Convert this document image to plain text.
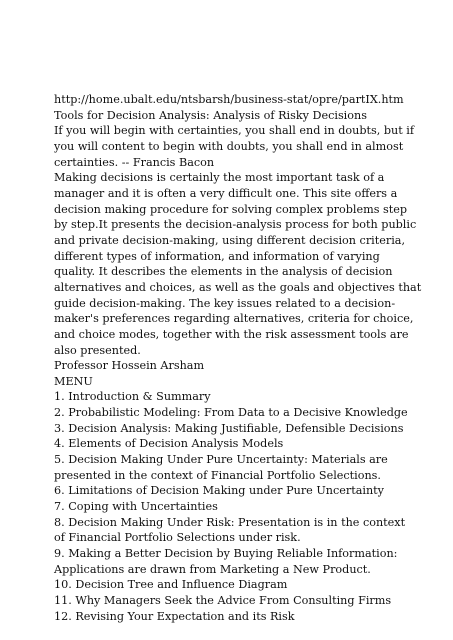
http://home.ubalt.edu/ntsbarsh/business-stat/opre/partIX.htm
Tools for Decision Analysis: Analysis of Risky Decisions
If you will begin with certainties, you shall end in doubts, but if
you will content to begin with doubts, you shall end in almost
certainties. -- Francis Bacon
Making decisions is certainly the most important task of a
manager and it is often a very difficult one. This site offers a
decision making procedure for solving complex problems step
by step.It presents the decision-analysis process for both public
and private decision-making, using different decision criteria,
different types of information, and information of varying
quality. It describes the elements in the analysis of decision
alternatives and choices, as well as the goals and objectives that
guide decision-making. The key issues related to a decision-
maker's preferences regarding alternatives, criteria for choice,
and choice modes, together with the risk assessment tools are
also presented.
Professor Hossein Arsham
MENU
1. Introduction & Summary
2. Probabilistic Modeling: From Data to a Decisive Knowledge
3. Decision Analysis: Making Justifiable, Defensible Decisions
4. Elements of Decision Analysis Models
5. Decision Making Under Pure Uncertainty: Materials are
presented in the context of Financial Portfolio Selections.
6. Limitations of Decision Making under Pure Uncertainty
7. Coping with Uncertainties
8. Decision Making Under Risk: Presentation is in the context
of Financial Portfolio Selections under risk.
9. Making a Better Decision by Buying Reliable Information:
Applications are drawn from Marketing a New Product.
10. Decision Tree and Influence Diagram
11. Why Managers Seek the Advice From Consulting Firms
12. Revising Your Expectation and its Risk
